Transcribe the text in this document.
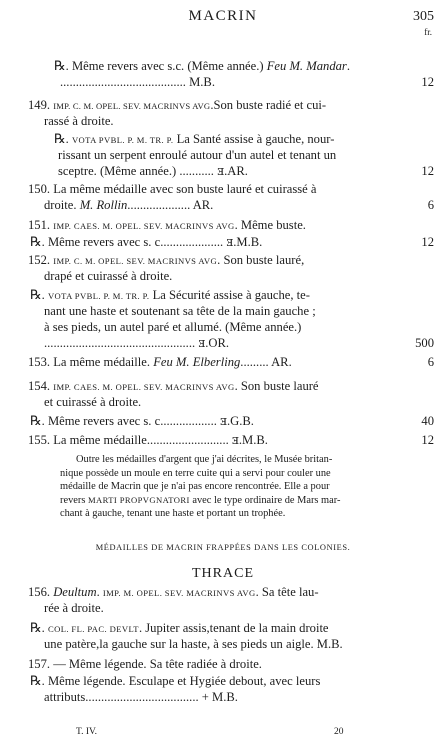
MACRIN	305
fr.
℞. Même revers avec s.c. (Même année.) Feu M. Mandar.
........................................ M.B.	12
149. IMP. C. M. OPEL. SEV. MACRINVS AVG.Son buste radié et cui-
rassé à droite.
℞. VOTA PVBL. P. M. TR. P. La Santé assise à gauche, nour-
rissant un serpent enroulé autour d'un autel et tenant un
sceptre. (Même année.) ........... ⱻ.AR.	12
150. La même médaille avec son buste lauré et cuirassé à
droite. M. Rollin.................... AR.	6
151. IMP. CAES. M. OPEL. SEV. MACRINVS AVG. Même buste.
℞. Même revers avec s. c.................... ⱻ.M.B.	12
152. IMP. C. M. OPEL. SEV. MACRINVS AVG. Son buste lauré,
drapé et cuirassé à droite.
℞. VOTA PVBL. P. M. TR. P. La Sécurité assise à gauche, te-
nant une haste et soutenant sa tête de la main gauche ;
à ses pieds, un autel paré et allumé. (Même année.)
................................................ ⱻ.OR.	500
153. La même médaille. Feu M. Elberling......... AR.	6
154. IMP. CAES. M. OPEL. SEV. MACRINVS AVG. Son buste lauré
et cuirassé à droite.
℞. Même revers avec s. c.................. ⱻ.G.B.	40
155. La même médaille.......................... ⱻ.M.B.	12
Outre les médailles d'argent que j'ai décrites, le Musée britan-
nique possède un moule en terre cuite qui a servi pour couler une
médaille de Macrin que je n'ai pas encore rencontrée. Elle a pour
revers MARTI PROPVGNATORI avec le type ordinaire de Mars mar-
chant à gauche, tenant une haste et portant un trophée.
MÉDAILLES DE MACRIN FRAPPÉES DANS LES COLONIES.
THRACE
156. Deultum. IMP. M. OPEL. SEV. MACRINVS AVG. Sa tête lau-
rée à droite.
℞. COL. FL. PAC. DEVLT. Jupiter assis,tenant de la main droite
une patère,la gauche sur la haste, à ses pieds un aigle. M.B.
157. — Même légende. Sa tête radiée à droite.
℞. Même légende. Esculape et Hygiée debout, avec leurs
attributs.................................... + M.B.
T. IV.	20
